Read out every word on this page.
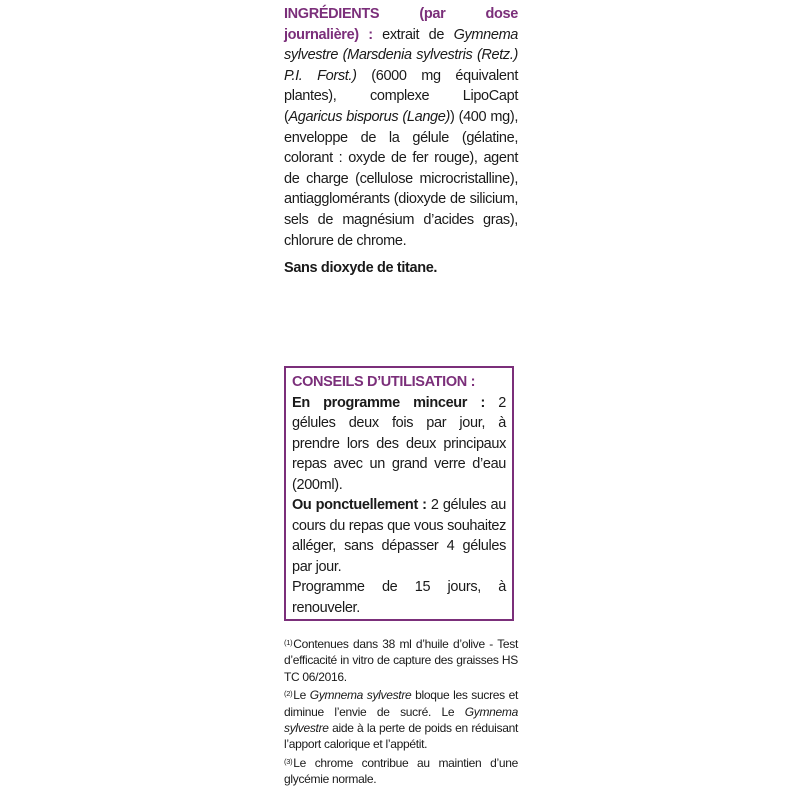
INGRÉDIENTS (par dose journalière) : extrait de Gymnema sylvestre (Marsdenia sylvestris (Retz.) P.I. Forst.) (6000 mg équivalent plantes), complexe LipoCapt (Agaricus bisporus (Lange)) (400 mg), enveloppe de la gélule (gélatine, colorant : oxyde de fer rouge), agent de charge (cellulose microcristalline), antiagglomérants (dioxyde de silicium, sels de magnésium d’acides gras), chlorure de chrome.

Sans dioxyde de titane.

CONSEILS D’UTILISATION :

En programme minceur : 2 gélules deux fois par jour, à prendre lors des deux principaux repas avec un grand verre d’eau (200ml).

Ou ponctuellement : 2 gélules au cours du repas que vous souhaitez alléger, sans dépasser 4 gélules par jour.

Programme de 15 jours, à renouveler.

$^{(1)}$Contenues dans 38 ml d’huile d’olive - Test d’efficacité in vitro de capture des graisses HS TC 06/2016.

$^{(2)}$Le Gymnema sylvestre bloque les sucres et diminue l’envie de sucré. Le Gymnema sylvestre aide à la perte de poids en réduisant l’apport calorique et l’appétit.

$^{(3)}$Le chrome contribue au maintien d’une glycémie normale.
